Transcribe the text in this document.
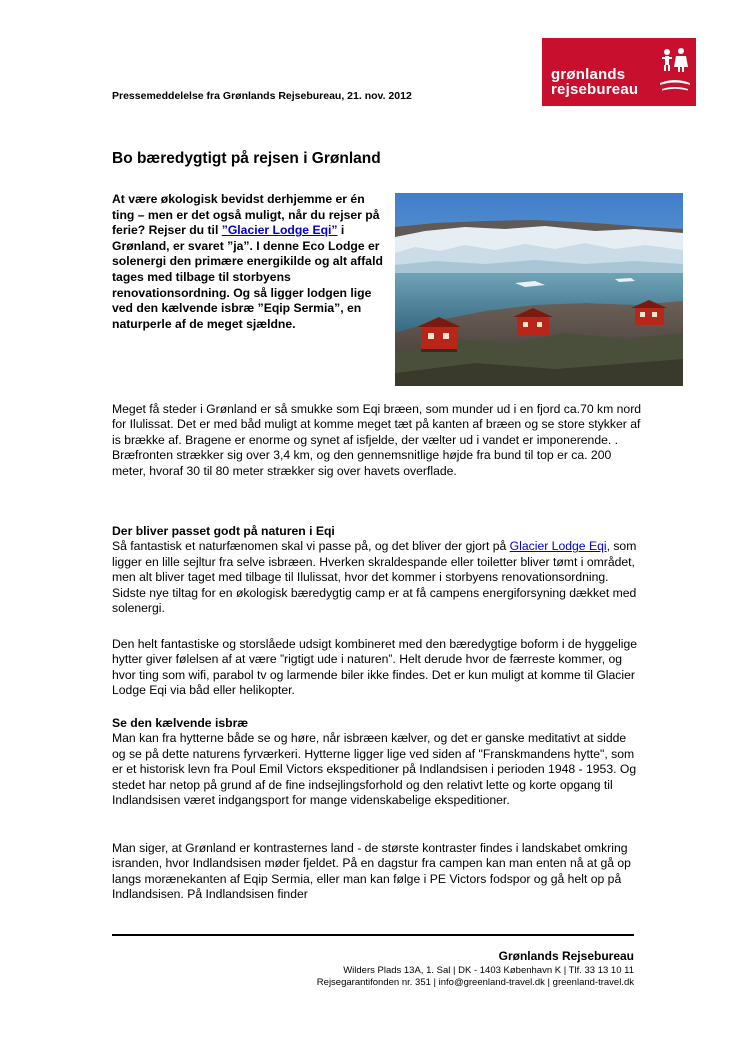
grønlands
rejsebureau
Pressemeddelelse fra Grønlands Rejsebureau, 21. nov. 2012
Bo bæredygtigt på rejsen i Grønland

At være økologisk bevidst derhjemme er én ting – men er det også muligt, når du rejser på ferie? Rejser du til ”Glacier Lodge Eqi” i Grønland, er svaret ”ja”. I denne Eco Lodge er solenergi den primære energikilde og alt affald tages med tilbage til storbyens renovationsordning. Og så ligger lodgen lige ved den kælvende isbræ ”Eqip Sermia”, en naturperle af de meget sjældne.

Meget få steder i Grønland er så smukke som Eqi bræen, som munder ud i en fjord ca.70 km nord for Ilulissat. Det er med båd muligt at komme meget tæt på kanten af bræen og se store stykker af is brække af. Bragene er enorme og synet af isfjelde, der vælter ud i vandet er imponerende. . Bræfronten strækker sig over 3,4 km, og den gennemsnitlige højde fra bund til top er ca. 200 meter, hvoraf 30 til 80 meter strækker sig over havets overflade.

Der bliver passet godt på naturen i Eqi
Så fantastisk et naturfænomen skal vi passe på, og det bliver der gjort på Glacier Lodge Eqi, som ligger en lille sejltur fra selve isbræen. Hverken skraldespande eller toiletter bliver tømt i området, men alt bliver taget med tilbage til Ilulissat, hvor det kommer i storbyens renovationsordning. Sidste nye tiltag for en økologisk bæredygtig camp er at få campens energiforsyning dækket med solenergi.

Den helt fantastiske og storslåede udsigt kombineret med den bæredygtige boform i de hyggelige hytter giver følelsen af at være ”rigtigt ude i naturen”. Helt derude hvor de færreste kommer, og hvor ting som wifi, parabol tv og larmende biler ikke findes. Det er kun muligt at komme til Glacier Lodge Eqi via båd eller helikopter.

Se den kælvende isbræ
Man kan fra hytterne både se og høre, når isbræen kælver, og det er ganske meditativt at sidde og se på dette naturens fyrværkeri. Hytterne ligger lige ved siden af "Franskmandens hytte", som er et historisk levn fra Poul Emil Victors ekspeditioner på Indlandsisen i perioden 1948 - 1953. Og stedet har netop på grund af de fine indsejlingsforhold og den relativt lette og korte opgang til Indlandsisen været indgangsport for mange videnskabelige ekspeditioner.

Man siger, at Grønland er kontrasternes land - de største kontraster findes i landskabet omkring isranden, hvor Indlandsisen møder fjeldet. På en dagstur fra campen kan man enten nå at gå op langs morænekanten af Eqip Sermia, eller man kan følge i PE Victors fodspor og gå helt op på Indlandsisen. På Indlandsisen finder

Grønlands Rejsebureau
Wilders Plads 13A, 1. Sal | DK - 1403 København K | Tlf. 33 13 10 11
Rejsegarantifonden nr. 351 | info@greenland-travel.dk | greenland-travel.dk
